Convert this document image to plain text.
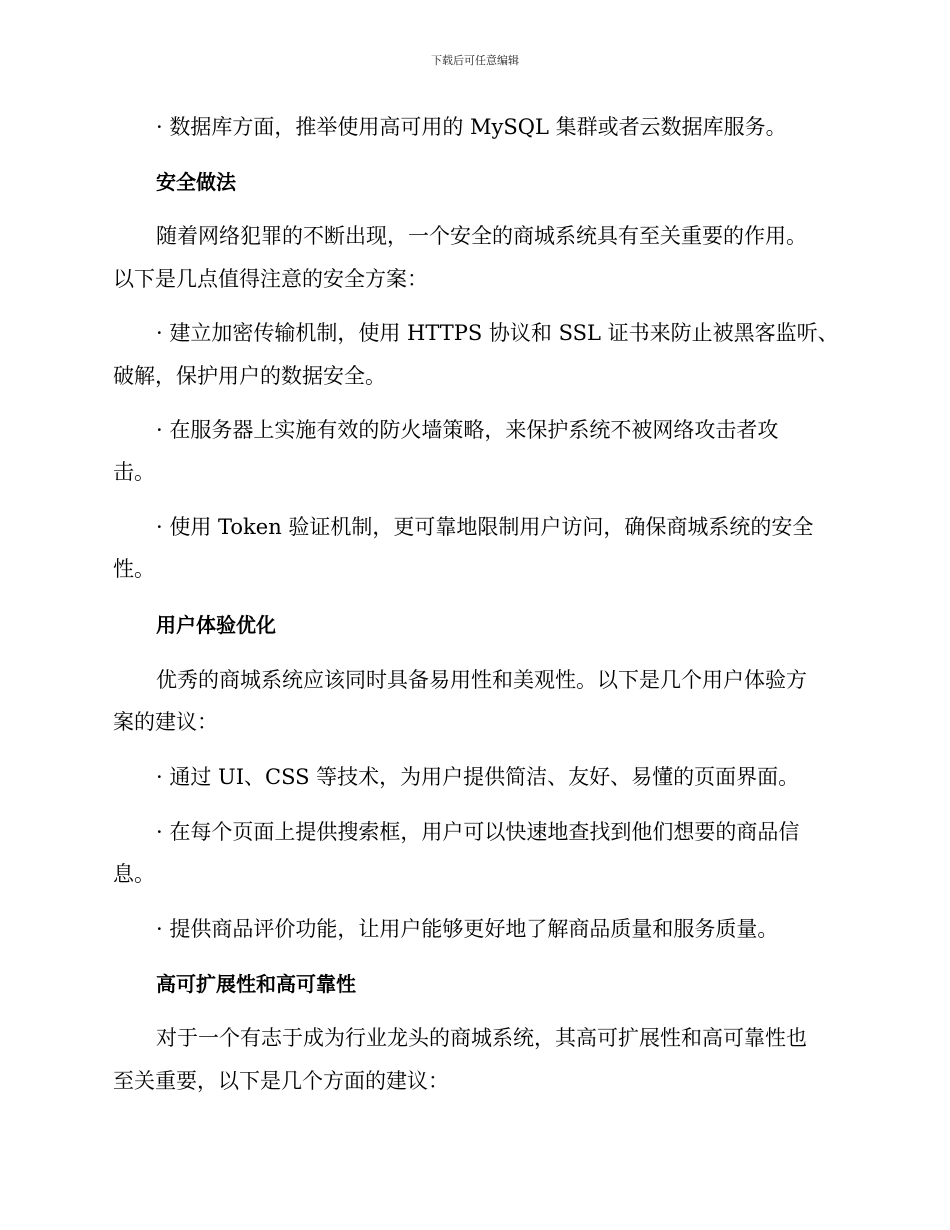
下载后可任意编辑
· 数据库方面，推举使用高可用的 MySQL 集群或者云数据库服务。
安全做法
随着网络犯罪的不断出现，一个安全的商城系统具有至关重要的作用。
以下是几点值得注意的安全方案：
· 建立加密传输机制，使用 HTTPS 协议和 SSL 证书来防止被黑客监听、
破解，保护用户的数据安全。
· 在服务器上实施有效的防火墙策略，来保护系统不被网络攻击者攻
击。
· 使用 Token 验证机制，更可靠地限制用户访问，确保商城系统的安全
性。
用户体验优化
优秀的商城系统应该同时具备易用性和美观性。以下是几个用户体验方
案的建议：
· 通过 UI、CSS 等技术，为用户提供简洁、友好、易懂的页面界面。
· 在每个页面上提供搜索框，用户可以快速地查找到他们想要的商品信
息。
· 提供商品评价功能，让用户能够更好地了解商品质量和服务质量。
高可扩展性和高可靠性
对于一个有志于成为行业龙头的商城系统，其高可扩展性和高可靠性也
至关重要，以下是几个方面的建议：
